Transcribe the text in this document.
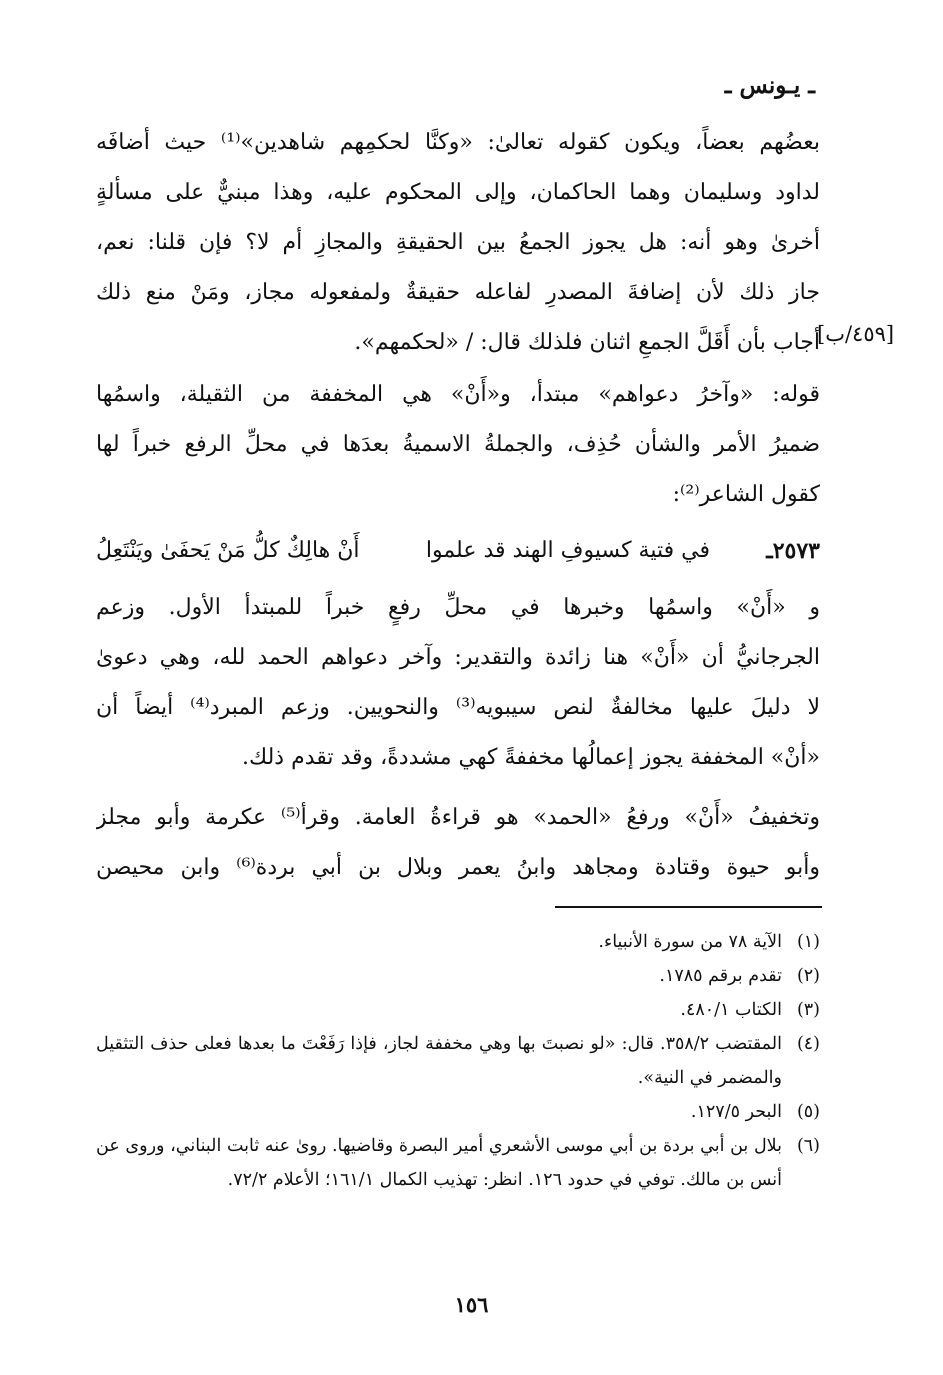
ـ يـونس ـ
[٤٥٩/ب]
بعضُهم بعضاً، ويكون كقوله تعالىٰ: «وكنَّا لحكمِهم شاهدين»⁽¹⁾ حيث أضافَه
لداود وسليمان وهما الحاكمان، وإلى المحكوم عليه، وهذا مبنيٌّ على مسألةٍ
أخرىٰ وهو أنه: هل يجوز الجمعُ بين الحقيقةِ والمجازِ أم لا؟ فإن قلنا: نعم،
جاز ذلك لأن إضافةَ المصدرِ لفاعله حقيقةٌ ولمفعوله مجاز، ومَنْ منع ذلك
أجاب بأن أَقَلَّ الجمعِ اثنان فلذلك قال: / «لحكمهم».
قوله: «وآخرُ دعواهم» مبتدأ، و«أَنْ» هي المخففة من الثقيلة، واسمُها
ضميرُ الأمر والشأن حُذِف، والجملةُ الاسميةُ بعدَها في محلِّ الرفع خبراً لها
كقول الشاعر⁽²⁾:
٢٥٧٣ـ
في فتية كسيوفِ الهند قد علموا
أَنْ هالِكٌ كلُّ مَنْ يَحفَىٰ ويَنْتَعِلُ
و «أَنْ» واسمُها وخبرها في محلِّ رفعٍ خبراً للمبتدأ الأول. وزعم
الجرجانيُّ أن «أَنْ» هنا زائدة والتقدير: وآخر دعواهم الحمد لله، وهي دعوىٰ
لا دليلَ عليها مخالفةٌ لنص سيبويه⁽³⁾ والنحويين. وزعم المبرد⁽⁴⁾ أيضاً أن
«أنْ» المخففة يجوز إعمالُها مخففةً كهي مشددةً، وقد تقدم ذلك.
وتخفيفُ «أَنْ» ورفعُ «الحمد» هو قراءةُ العامة. وقرأ⁽⁵⁾ عكرمة وأبو مجلز
وأبو حيوة وقتادة ومجاهد وابنُ يعمر وبلال بن أبي بردة⁽⁶⁾ وابن محيصن
(١)
الآية ٧٨ من سورة الأنبياء.
(٢)
تقدم برقم ١٧٨٥.
(٣)
الكتاب ٤٨٠/١.
(٤)
المقتضب ٣٥٨/٢. قال: «لو نصبتَ بها وهي مخففة لجاز، فإذا رَفَعْتَ ما بعدها فعلى حذف التثقيل والمضمر في النية».
(٥)
البحر ١٢٧/٥.
(٦)
بلال بن أبي بردة بن أبي موسى الأشعري أمير البصرة وقاضيها. روىٰ عنه ثابت البناني، وروى عن أنس بن مالك. توفي في حدود ١٢٦. انظر: تهذيب الكمال ١٦١/١؛ الأعلام ٧٢/٢.
١٥٦
